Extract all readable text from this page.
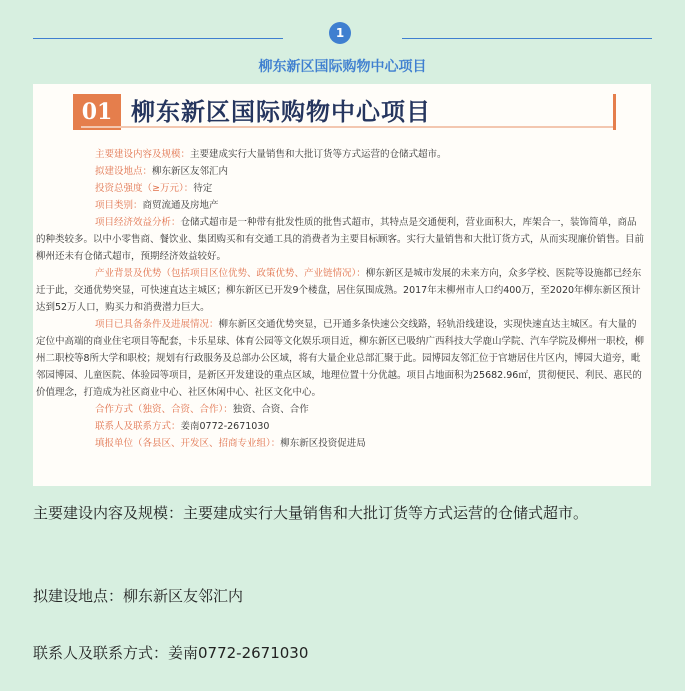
1
柳东新区国际购物中心项目
01 柳东新区国际购物中心项目

主要建设内容及规模：主要建成实行大量销售和大批订货等方式运营的仓储式超市。

拟建设地点：柳东新区友邻汇内

投资总强度（≥万元）：待定

项目类别：商贸流通及房地产

项目经济效益分析：仓储式超市是一种带有批发性质的批售式超市，其特点是交通便利，营业面积大，库架合一，装饰简单，商品的种类较多。以中小零售商、餐饮业、集团购买和有交通工具的消费者为主要目标顾客。实行大量销售和大批订货方式，从而实现廉价销售。目前柳州还未有仓储式超市，预期经济效益较好。

产业背景及优势（包括项目区位优势、政策优势、产业链情况）：柳东新区是城市发展的未来方向，众多学校、医院等设施都已经东迁于此，交通优势突显，可快速直达主城区；柳东新区已开发9个楼盘，居住氛围成熟。2017年末柳州市人口约400万，至2020年柳东新区预计达到52万人口，购买力和消费潜力巨大。

项目已具备条件及进展情况：柳东新区交通优势突显，已开通多条快速公交线路，轻轨沿线建设，实现快速直达主城区。有大量的定位中高端的商业住宅项目等配套，卡乐星球、体育公园等文化娱乐项目近，柳东新区已吸纳广西科技大学鹿山学院、汽车学院及柳州一职校，柳州二职校等8所大学和职校；规划有行政服务及总部办公区域，将有大量企业总部汇聚于此。园博园友邻汇位于官塘居住片区内，博园大道旁，毗邻园博园、儿童医院、体验园等项目，是新区开发建设的重点区域，地理位置十分优越。项目占地面积为25682.96㎡，贯彻便民、利民、惠民的价值理念，打造成为社区商业中心、社区休闲中心、社区文化中心。

合作方式（独资、合资、合作）：独资、合资、合作

联系人及联系方式：姜南0772-2671030

填报单位（各县区、开发区、招商专业组）：柳东新区投资促进局

主要建设内容及规模：主要建成实行大量销售和大批订货等方式运营的仓储式超市。
拟建设地点：柳东新区友邻汇内
联系人及联系方式：姜南0772-2671030
